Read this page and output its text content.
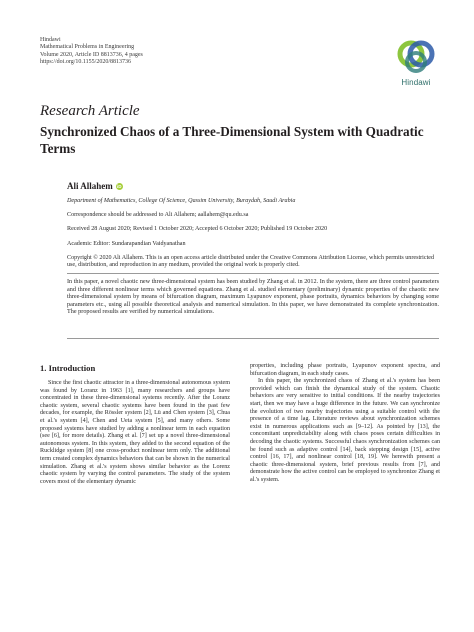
Hindawi
Mathematical Problems in Engineering
Volume 2020, Article ID 8813736, 4 pages
https://doi.org/10.1155/2020/8813736
Hindawi
Research Article
Synchronized Chaos of a Three-Dimensional System with Quadratic Terms
Ali Allahem iD
Department of Mathematics, College Of Science, Qassim University, Buraydah, Saudi Arabia
Correspondence should be addressed to Ali Allahem; aallahem@qu.edu.sa
Received 28 August 2020; Revised 1 October 2020; Accepted 6 October 2020; Published 19 October 2020
Academic Editor: Sundarapandian Vaidyanathan
Copyright © 2020 Ali Allahem. This is an open access article distributed under the Creative Commons Attribution License, which permits unrestricted use, distribution, and reproduction in any medium, provided the original work is properly cited.
In this paper, a novel chaotic new three-dimensional system has been studied by Zhang et al. in 2012. In the system, there are three control parameters and three different nonlinear terms which governed equations. Zhang et al. studied elementary (preliminary) dynamic properties of the chaotic new three-dimensional system by means of bifurcation diagram, maximum Lyapunov exponent, phase portraits, dynamics behaviors by changing some parameters etc., using all possible theoretical analysis and numerical simulation. In this paper, we have demonstrated its complete synchronization. The proposed results are verified by numerical simulations.
1. Introduction

Since the first chaotic attractor in a three-dimensional autonomous system was found by Loranz in 1963 [1], many researchers and groups have concentrated in these three-dimensional systems recently. After the Loranz chaotic system, several chaotic systems have been found in the past few decades, for example, the Rössler system [2], Lü and Chen system [3], Chua et al.'s system [4], Chen and Ueta system [5], and many others. Some proposed systems have studied by adding a nonlinear term in each equation (see [6], for more details). Zhang et al. [7] set up a novel three-dimensional autonomous system. In this system, they added to the second equation of the Rucklidge system [8] one cross-product nonlinear term only. The additional term created complex dynamics behaviors that can be shown in the numerical simulation. Zhang et al.'s system shows similar behavior as the Lorenz chaotic system by varying the control parameters. The study of the system covers most of the elementary dynamic

properties, including phase portraits, Lyapunov exponent spectra, and bifurcation diagram, in each study cases.

In this paper, the synchronized chaos of Zhang et al.'s system has been provided which can finish the dynamical study of the system. Chaotic behaviors are very sensitive to initial conditions. If the nearby trajectories start, then we may have a huge difference in the future. We can synchronize the evolution of two nearby trajectories using a suitable control with the presence of a time lag. Literature reviews about synchronization schemes exist in numerous applications such as [9–12]. As pointed by [13], the concomitant unpredictability along with chaos poses certain difficulties in decoding the chaotic systems. Successful chaos synchronization schemes can be found such as adaptive control [14], back stepping design [15], active control [16, 17], and nonlinear control [18, 19]. We herewith present a chaotic three-dimensional system, brief previous results from [7], and demonstrate how the active control can be employed to synchronize Zhang et al.'s system.
